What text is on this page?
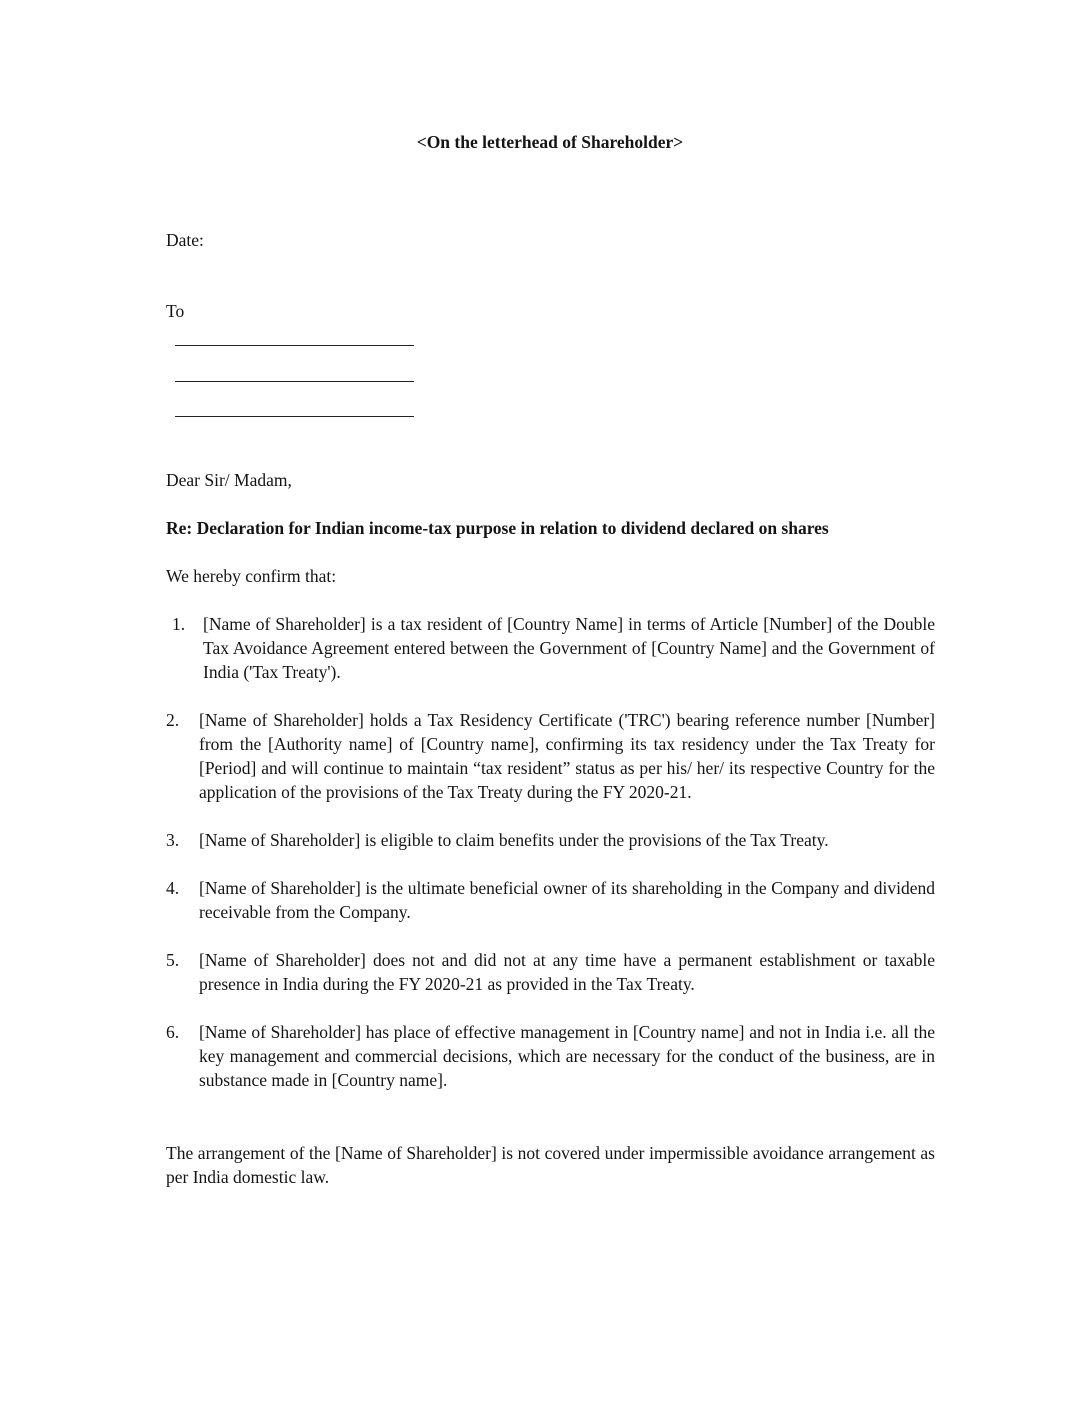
<On the letterhead of Shareholder>
Date:
To
Dear Sir/ Madam,
Re: Declaration for Indian income-tax purpose in relation to dividend declared on shares
We hereby confirm that:
1. [Name of Shareholder] is a tax resident of [Country Name] in terms of Article [Number] of the Double Tax Avoidance Agreement entered between the Government of [Country Name] and the Government of India ('Tax Treaty').
2. [Name of Shareholder] holds a Tax Residency Certificate ('TRC') bearing reference number [Number] from the [Authority name] of [Country name], confirming its tax residency under the Tax Treaty for [Period] and will continue to maintain “tax resident” status as per his/ her/ its respective Country for the application of the provisions of the Tax Treaty during the FY 2020-21.
3. [Name of Shareholder] is eligible to claim benefits under the provisions of the Tax Treaty.
4. [Name of Shareholder] is the ultimate beneficial owner of its shareholding in the Company and dividend receivable from the Company.
5. [Name of Shareholder] does not and did not at any time have a permanent establishment or taxable presence in India during the FY 2020-21 as provided in the Tax Treaty.
6. [Name of Shareholder] has place of effective management in [Country name] and not in India i.e. all the key management and commercial decisions, which are necessary for the conduct of the business, are in substance made in [Country name].
The arrangement of the [Name of Shareholder] is not covered under impermissible avoidance arrangement as per India domestic law.
